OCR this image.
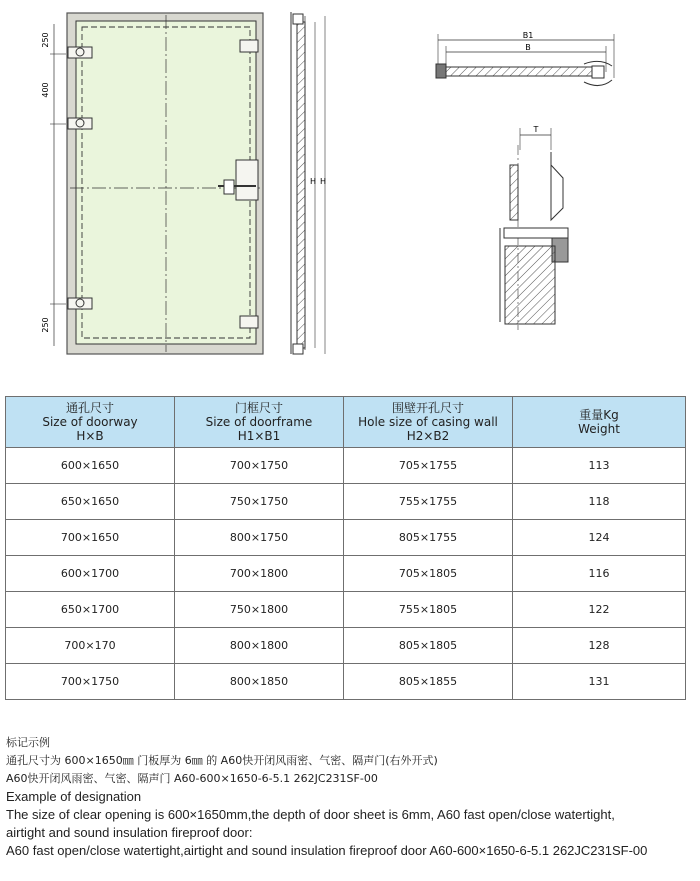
250
400
250
H H
B1
B
T
通孔尺寸
Size of doorway
H×B	门框尺寸
Size of doorframe
H1×B1	围壁开孔尺寸
Hole size of casing wall
H2×B2	重量Kg
Weight

600×1650	700×1750	705×1755	113
650×1650	750×1750	755×1755	118
700×1650	800×1750	805×1755	124
600×1700	700×1800	705×1805	116
650×1700	750×1800	755×1805	122
700×170	800×1800	805×1805	128
700×1750	800×1850	805×1855	131
标记示例
通孔尺寸为 600×1650㎜ 门板厚为 6㎜ 的 A60快开闭风雨密、气密、隔声门(右外开式)
A60快开闭风雨密、气密、隔声门 A60-600×1650-6-5.1 262JC231SF-00
Example of designation
The size of clear opening is 600×1650mm,the depth of door sheet is 6mm, A60 fast open/close watertight,
airtight and sound insulation fireproof door:
A60 fast open/close watertight,airtight and sound insulation fireproof door A60-600×1650-6-5.1 262JC231SF-00
